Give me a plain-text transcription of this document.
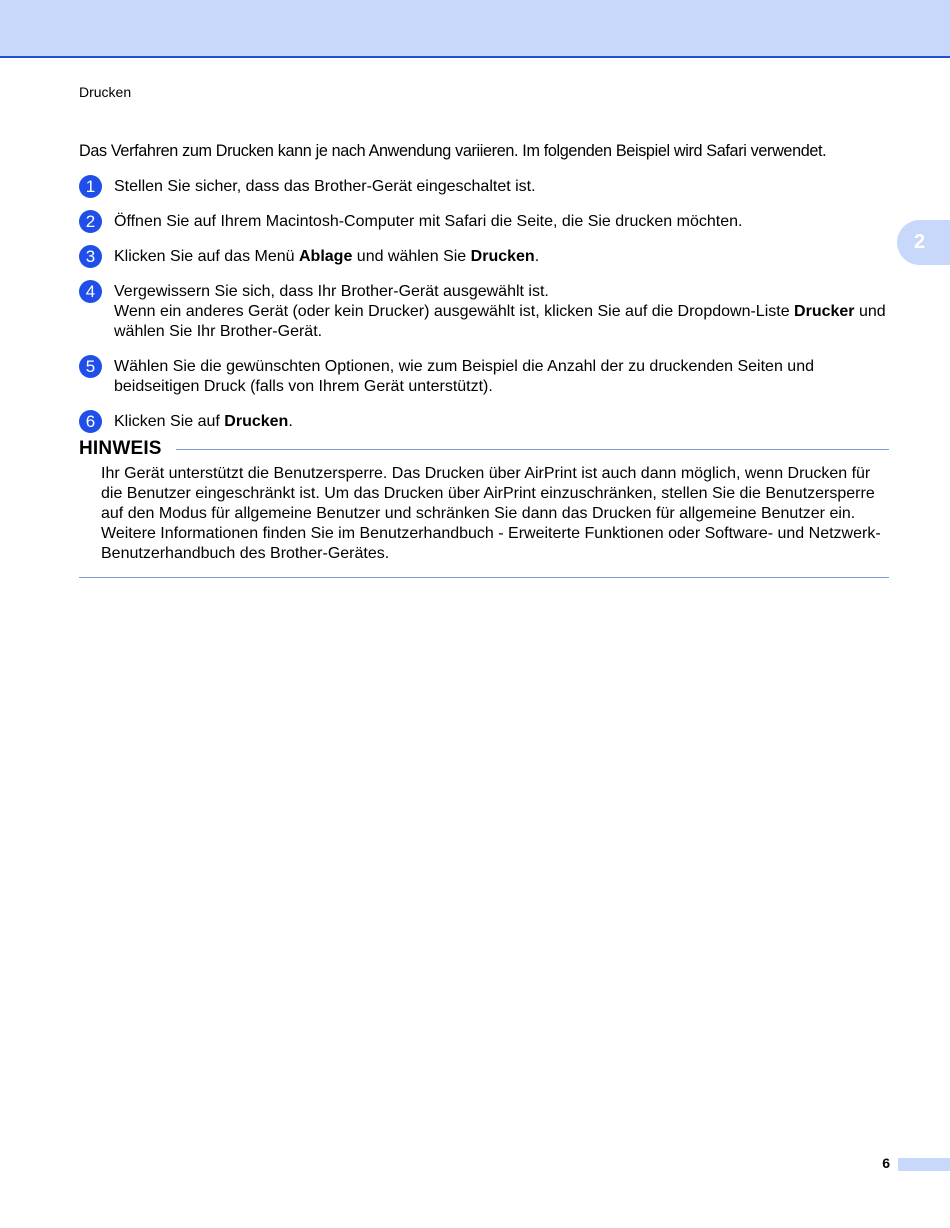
Drucken
2
Das Verfahren zum Drucken kann je nach Anwendung variieren. Im folgenden Beispiel wird Safari verwendet.
1	Stellen Sie sicher, dass das Brother-Gerät eingeschaltet ist.
2	Öffnen Sie auf Ihrem Macintosh-Computer mit Safari die Seite, die Sie drucken möchten.
3	Klicken Sie auf das Menü Ablage und wählen Sie Drucken.
4	Vergewissern Sie sich, dass Ihr Brother-Gerät ausgewählt ist.
Wenn ein anderes Gerät (oder kein Drucker) ausgewählt ist, klicken Sie auf die Dropdown-Liste Drucker und wählen Sie Ihr Brother-Gerät.
5	Wählen Sie die gewünschten Optionen, wie zum Beispiel die Anzahl der zu druckenden Seiten und beidseitigen Druck (falls von Ihrem Gerät unterstützt).
6	Klicken Sie auf Drucken.
HINWEIS
Ihr Gerät unterstützt die Benutzersperre. Das Drucken über AirPrint ist auch dann möglich, wenn Drucken für die Benutzer eingeschränkt ist. Um das Drucken über AirPrint einzuschränken, stellen Sie die Benutzersperre auf den Modus für allgemeine Benutzer und schränken Sie dann das Drucken für allgemeine Benutzer ein. Weitere Informationen finden Sie im Benutzerhandbuch - Erweiterte Funktionen oder Software- und Netzwerk-Benutzerhandbuch des Brother-Gerätes.
6
